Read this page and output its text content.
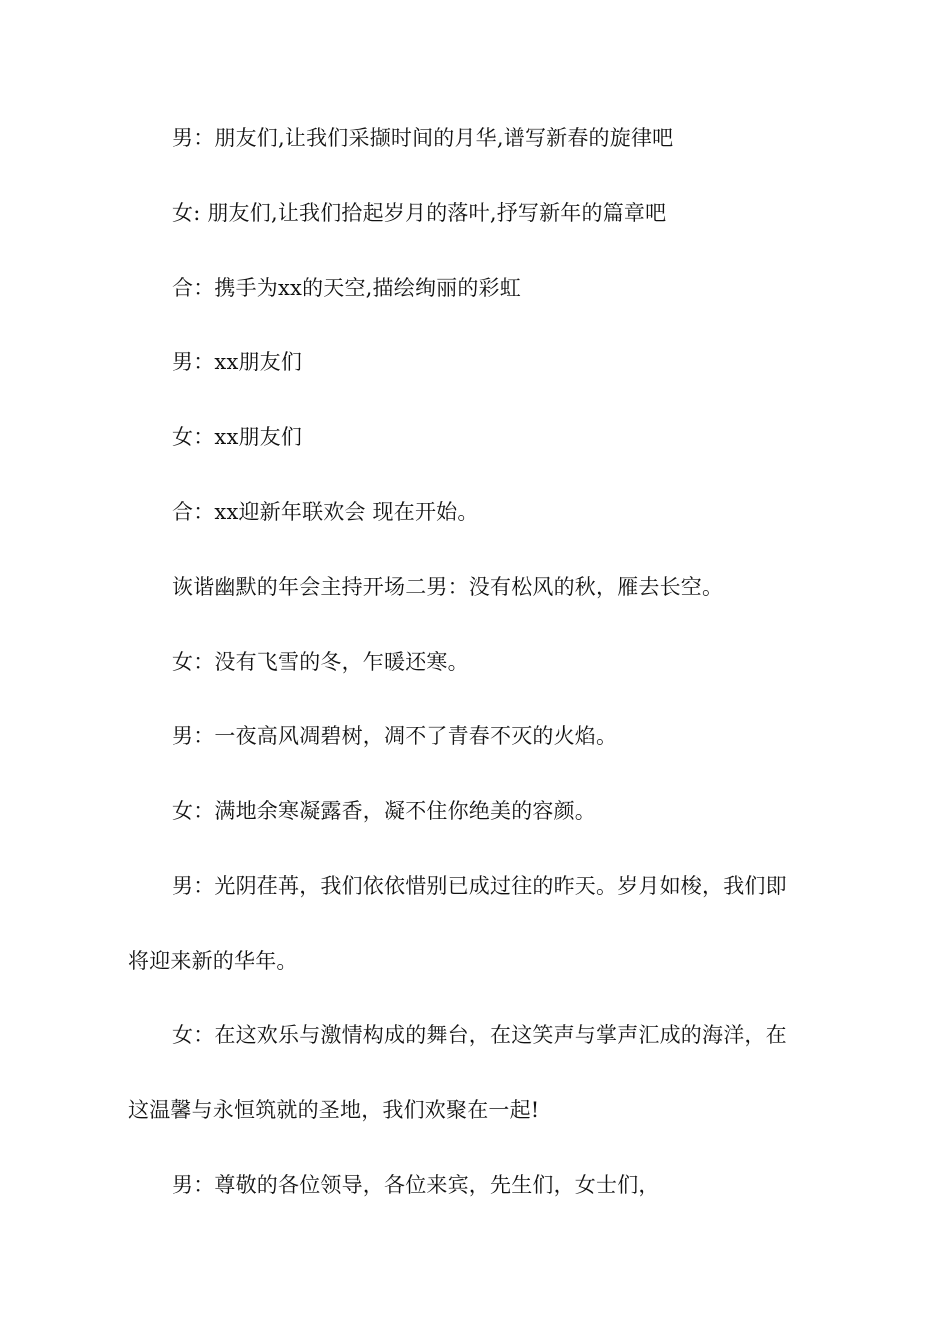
男：朋友们,让我们采撷时间的月华,谱写新春的旋律吧
女: 朋友们,让我们拾起岁月的落叶,抒写新年的篇章吧
合：携手为xx的天空,描绘绚丽的彩虹
男：xx朋友们
女：xx朋友们
合：xx迎新年联欢会 现在开始。
诙谐幽默的年会主持开场二男：没有松风的秋，雁去长空。
女：没有飞雪的冬，乍暖还寒。
男：一夜高风凋碧树，凋不了青春不灭的火焰。
女：满地余寒凝露香，凝不住你绝美的容颜。
男：光阴荏苒，我们依依惜别已成过往的昨天。岁月如梭，我们即
将迎来新的华年。
女：在这欢乐与激情构成的舞台，在这笑声与掌声汇成的海洋，在
这温馨与永恒筑就的圣地，我们欢聚在一起!
男：尊敬的各位领导，各位来宾，先生们，女士们，
